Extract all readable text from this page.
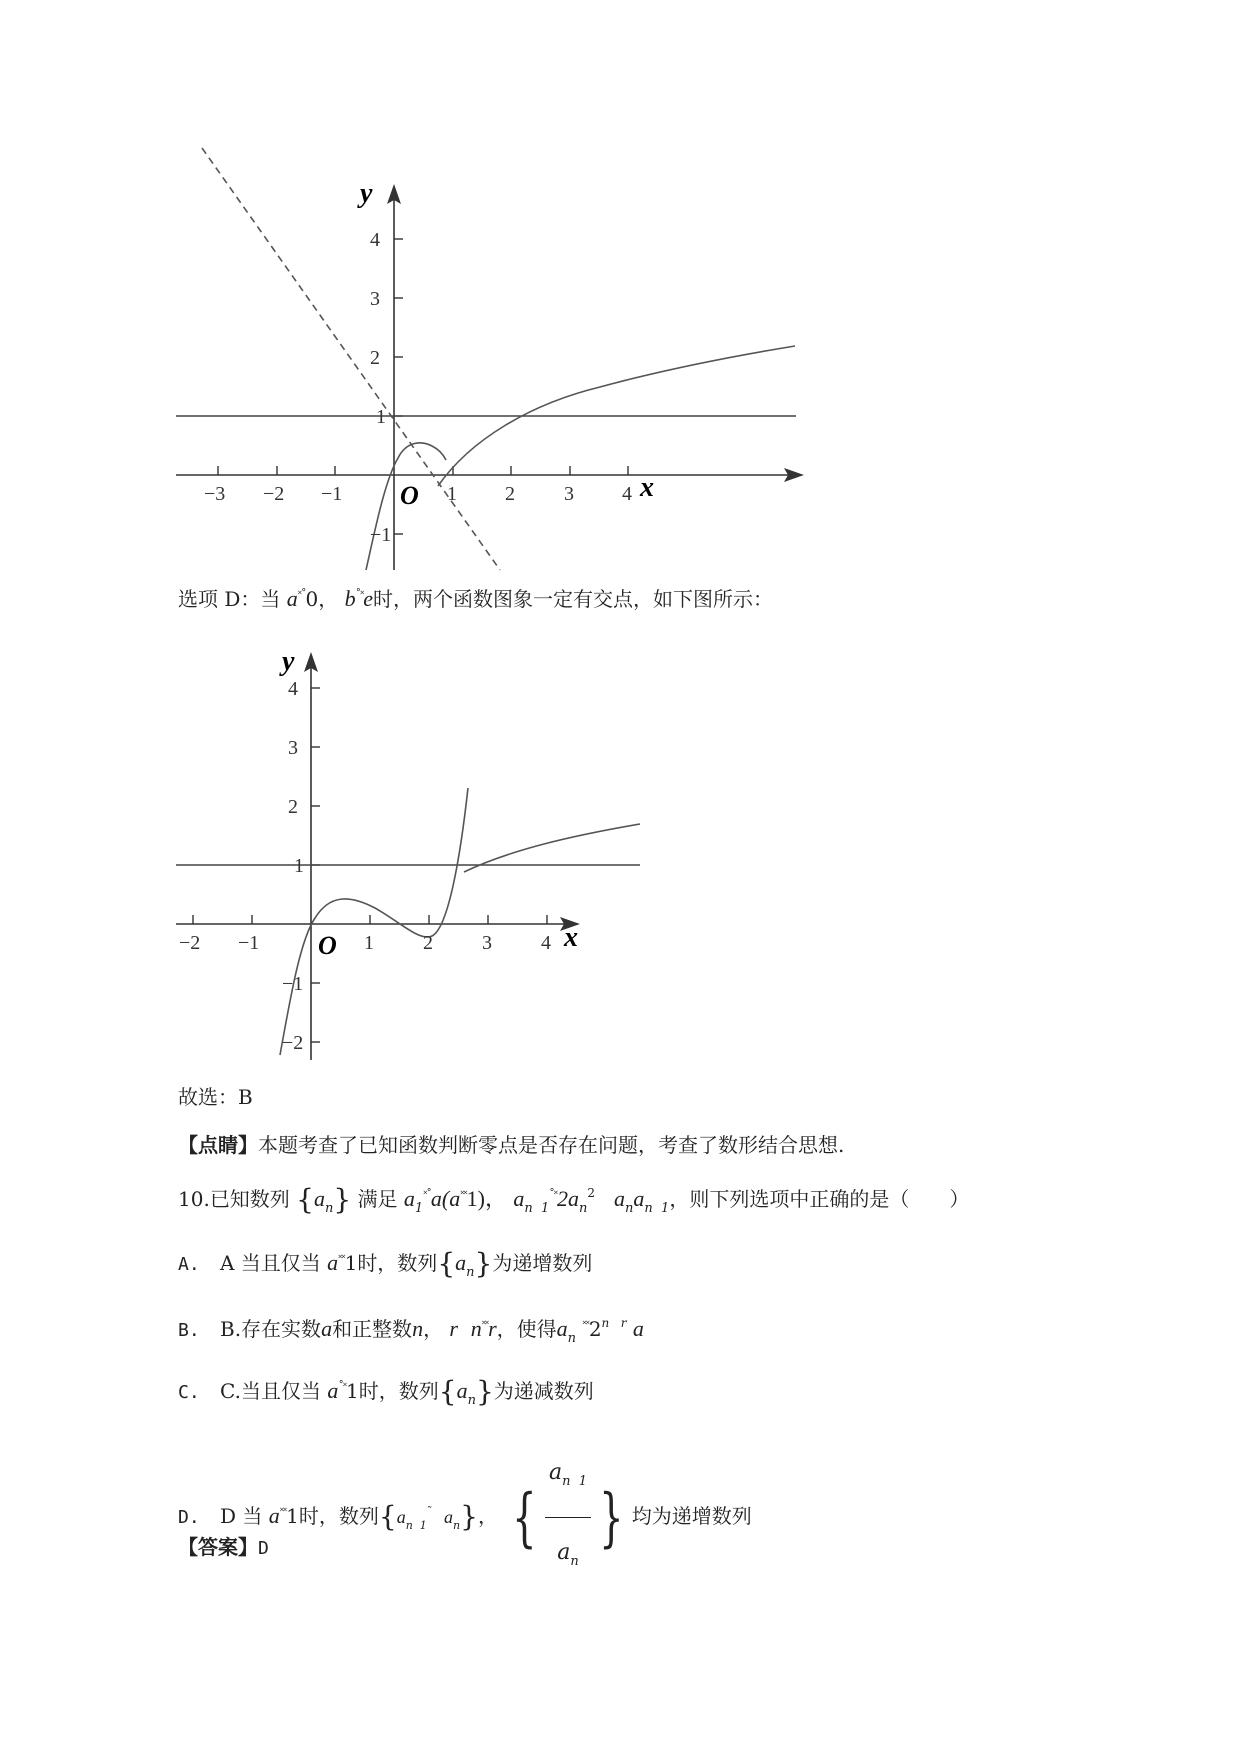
y
x
O
−3 −2 −1	1 2 3 4
4
3
2
1
−1
选项 D：当 a˟˚0， b˚˟e时，两个函数图象一定有交点，如下图所示：
y
x
O
−2 −1	1 2 3 4
4
3
2
1
−1
−2
故选：B
【点睛】本题考查了已知函数判断零点是否存在问题，考查了数形结合思想.
10.已知数列 $\{a_n\}$ 满足 $a_1^{˟˚}a(a^{˟˟}1)$， $a_{n 1}^{˚˟}2a_n^2$ $a_na_{n 1}$，则下列选项中正确的是（　　）
A. A 当且仅当 a˟˟1时，数列$\{a_n\}$为递增数列
B. B.存在实数a和正整数n， r n˟˟r，使得$a_n$ $^{˟˟}2^{n r}$ a
C. C.当且仅当 a˚˟1时，数列$\{a_n\}$为递减数列
D. D 当 a˟˟1时，数列{$a_{n 1}^˜$ $a_n$}， { $\frac{a_{n 1}}{a_n}$ } 均为递增数列
【答案】D
